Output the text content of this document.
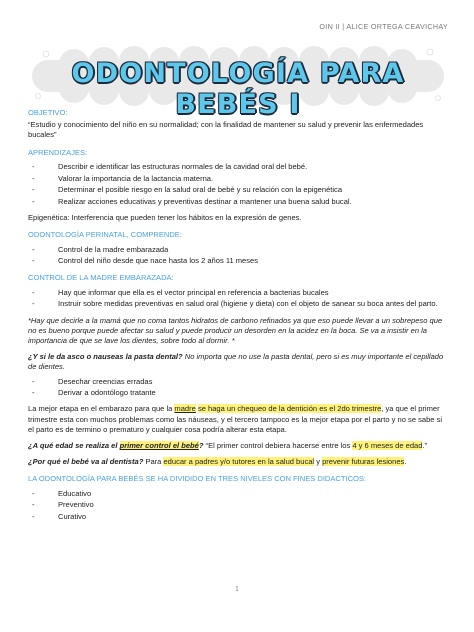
OIN II | ALICE ORTEGA CEAVICHAY
ODONTOLOGÍA PARA BEBÉS I
OBJETIVO:

“Estudio y conocimiento del niño en su normalidad; con la finalidad de mantener su salud y prevenir las enfermedades bucales”

APRENDIZAJES:
- Describir e identificar las estructuras normales de la cavidad oral del bebé.
- Valorar la importancia de la lactancia materna.
- Determinar el posible riesgo en la salud oral de bebé y su relación con la epigenética
- Realizar acciones educativas y preventivas destinar a mantener una buena salud bucal.

Epigenética: Interferencia que pueden tener los hábitos en la expresión de genes.

ODONTOLOGÍA PERINATAL, COMPRENDE:
- Control de la madre embarazada
- Control del niño desde que nace hasta los 2 años 11 meses
CONTROL DE LA MADRE EMBARAZADA:
- Hay que informar que ella es el vector principal en referencia a bacterias bucales
- Instruir sobre medidas preventivas en salud oral (higiene y dieta) con el objeto de sanear su boca antes del parto.

*Hay que decirle a la mamá que no coma tantos hidratos de carbono refinados ya que eso puede llevar a un sobrepeso que no es bueno porque puede afectar su salud y puede producir un desorden en la acidez en la boca. Se va a insistir en la importancia de que se lave los dientes, sobre todo al dormir. *

¿Y si le da asco o nauseas la pasta dental? No importa que no use la pasta dental, pero si es muy importante el cepillado de dientes.

- Desechar creencias erradas
- Derivar a odontólogo tratante

La mejor etapa en el embarazo para que la madre se haga un chequeo de la dentición es el 2do trimestre, ya que el primer trimestre esta con muchos problemas como las náuseas, y el tercero tampoco es la mejor etapa por el parto y no se sabe si el parto es de termino o prematuro y cualquier cosa podría alterar esta etapa.

¿A qué edad se realiza el primer control el bebé? “El primer control debiera hacerse entre los 4 y 6 meses de edad.”

¿Por qué el bebé va al dentista? Para educar a padres y/o tutores en la salud bucal y prevenir futuras lesiones.

LA ODONTOLOGÍA PARA BEBÉS SE HA DIVIDIDO EN TRES NIVELES CON FINES DIDACTICOS:
- Educativo
- Preventivo
- Curativo
1
